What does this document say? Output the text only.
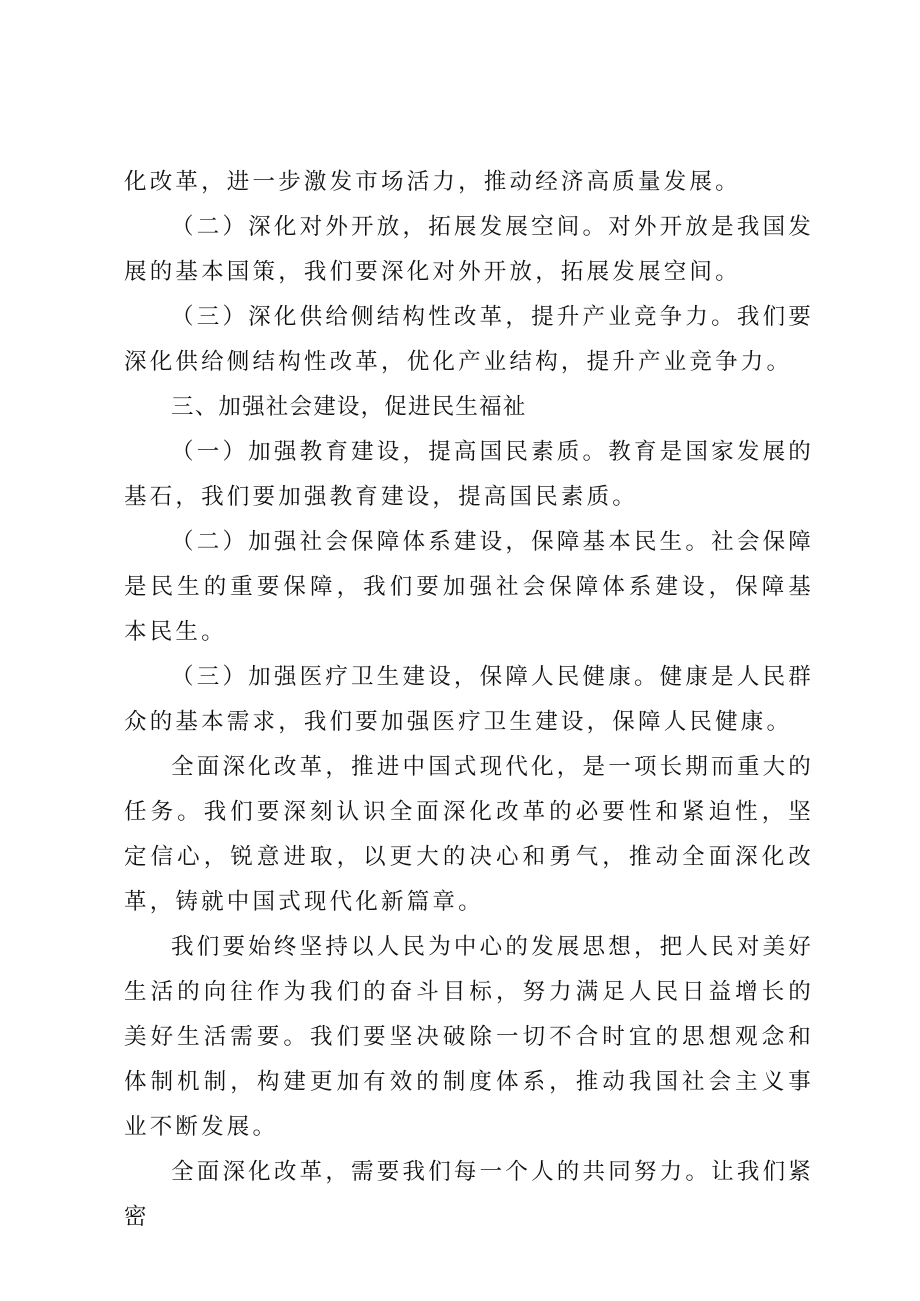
化改革，进一步激发市场活力，推动经济高质量发展。

（二）深化对外开放，拓展发展空间。对外开放是我国发展的基本国策，我们要深化对外开放，拓展发展空间。

（三）深化供给侧结构性改革，提升产业竞争力。我们要深化供给侧结构性改革，优化产业结构，提升产业竞争力。

三、加强社会建设，促进民生福祉

（一）加强教育建设，提高国民素质。教育是国家发展的基石，我们要加强教育建设，提高国民素质。

（二）加强社会保障体系建设，保障基本民生。社会保障是民生的重要保障，我们要加强社会保障体系建设，保障基本民生。

（三）加强医疗卫生建设，保障人民健康。健康是人民群众的基本需求，我们要加强医疗卫生建设，保障人民健康。

全面深化改革，推进中国式现代化，是一项长期而重大的任务。我们要深刻认识全面深化改革的必要性和紧迫性，坚定信心，锐意进取，以更大的决心和勇气，推动全面深化改革，铸就中国式现代化新篇章。

我们要始终坚持以人民为中心的发展思想，把人民对美好生活的向往作为我们的奋斗目标，努力满足人民日益增长的美好生活需要。我们要坚决破除一切不合时宜的思想观念和体制机制，构建更加有效的制度体系，推动我国社会主义事业不断发展。

全面深化改革，需要我们每一个人的共同努力。让我们紧密
